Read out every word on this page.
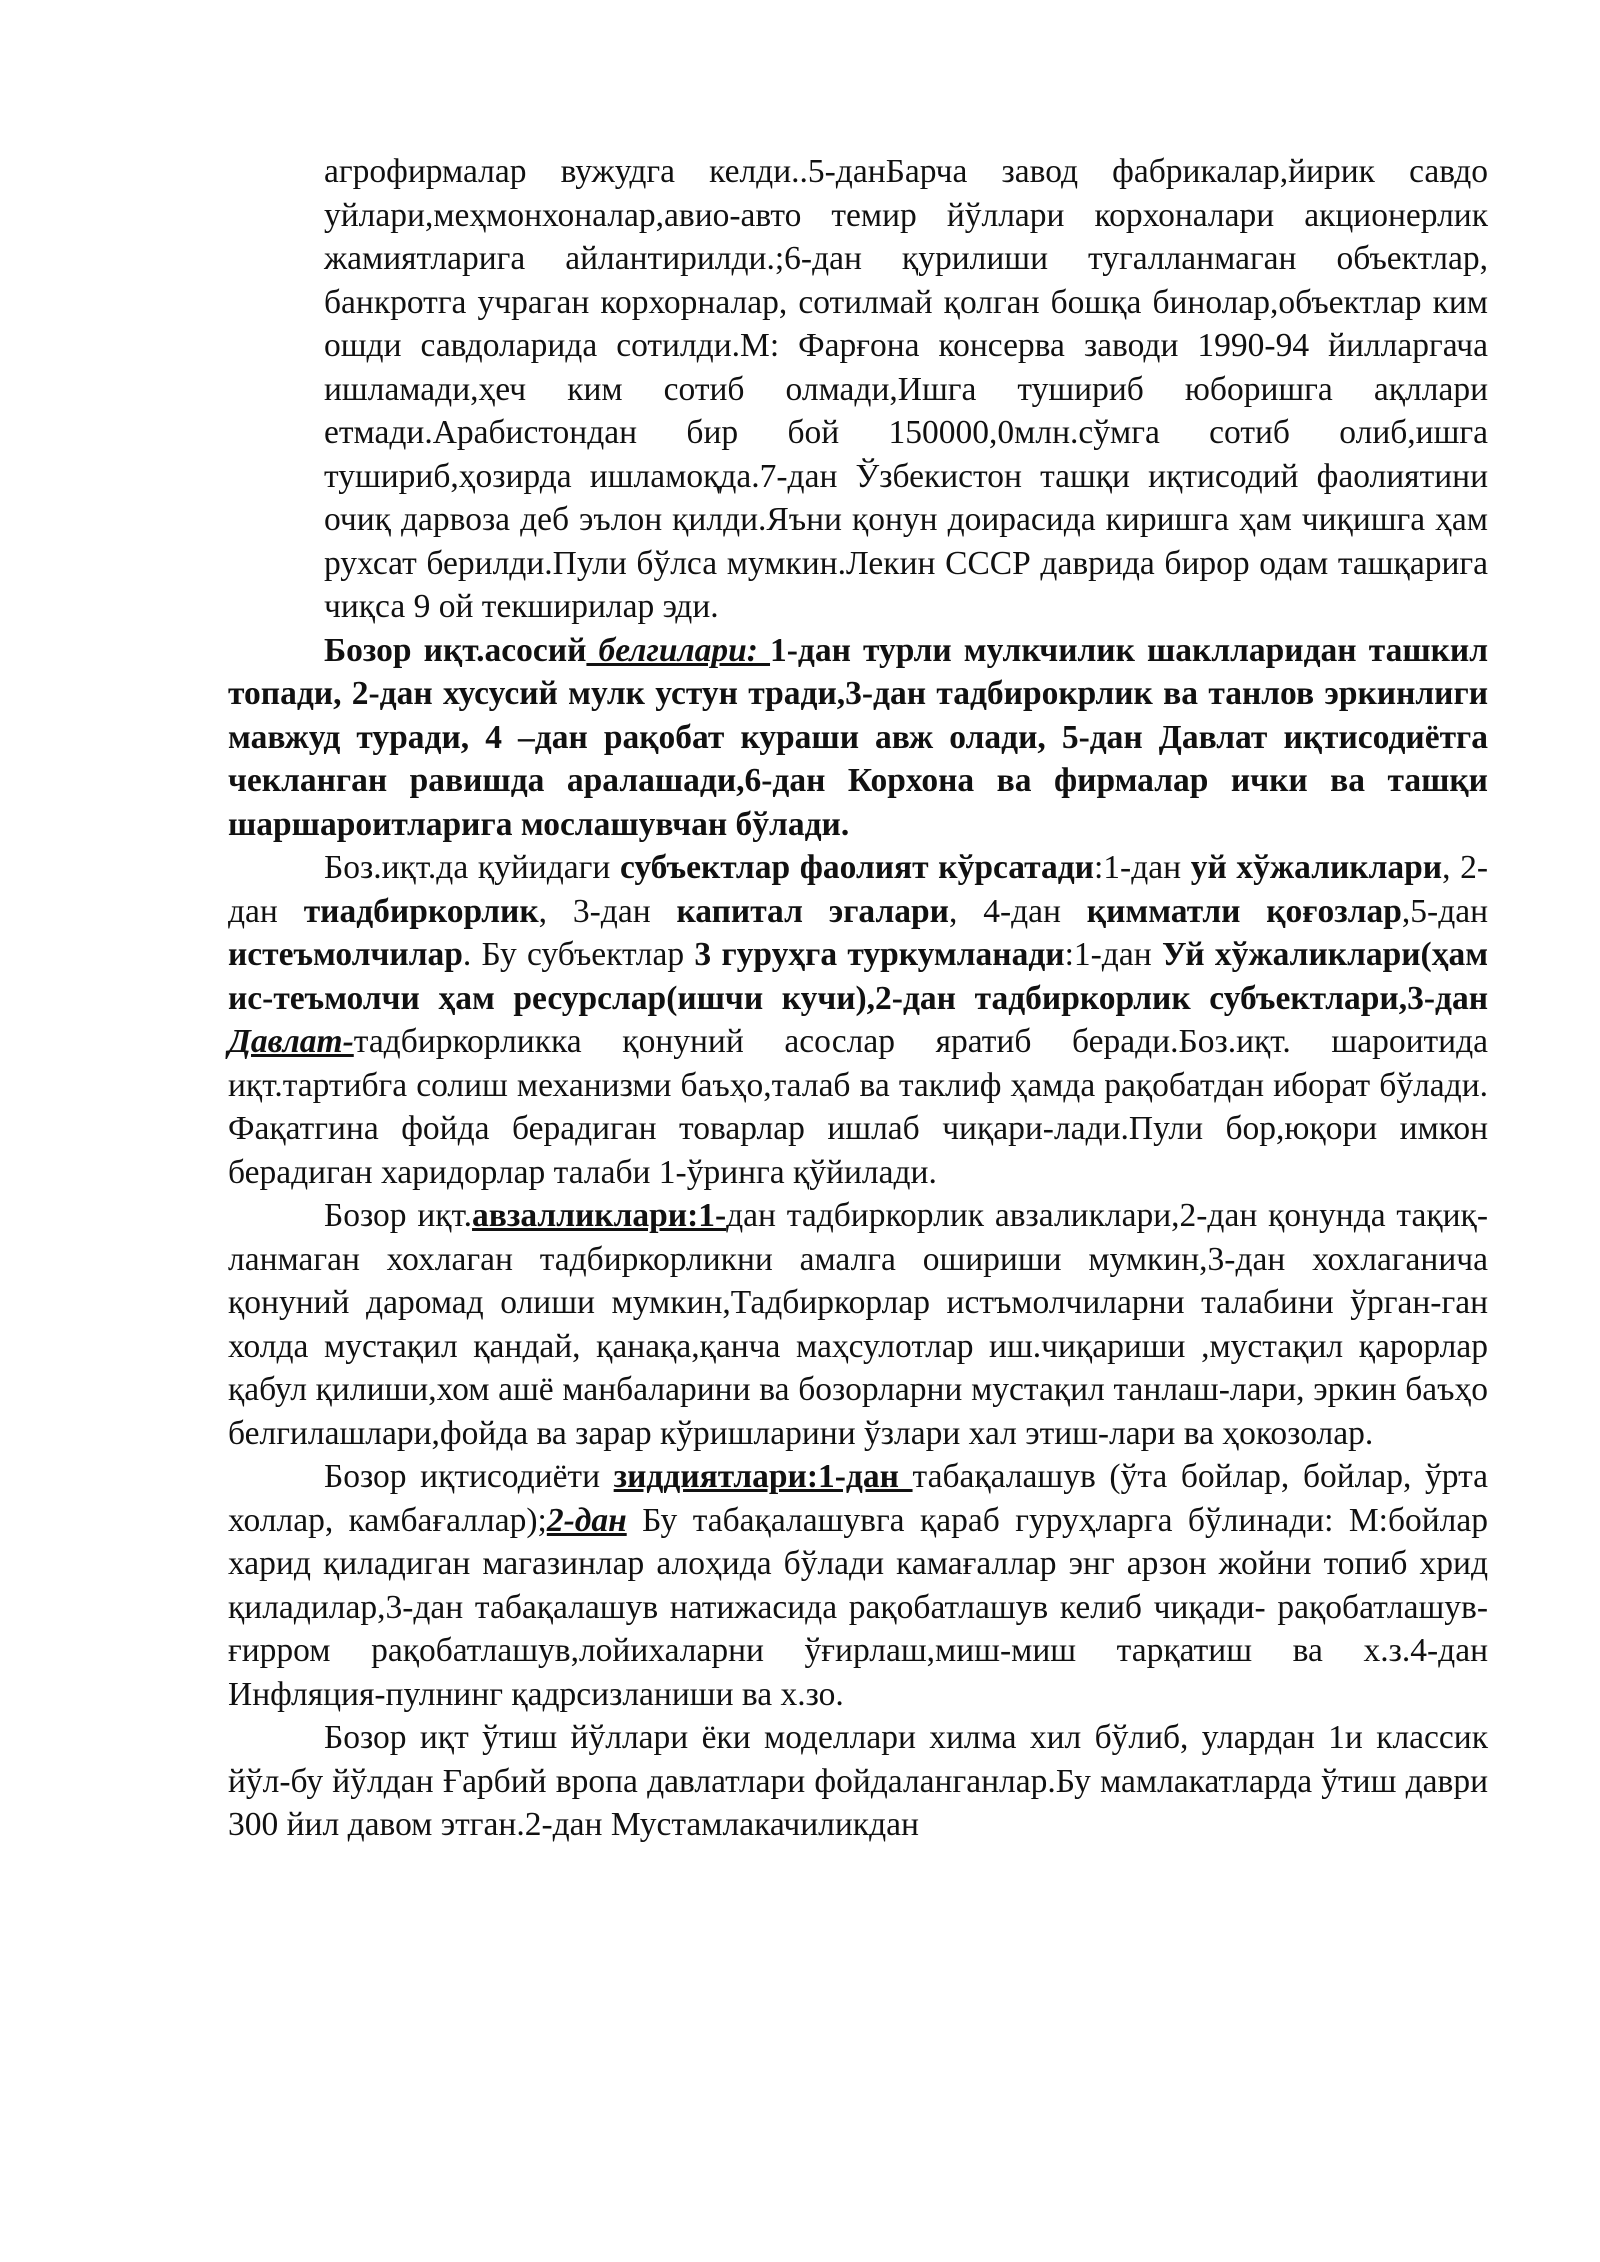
агрофирмалар вужудга келди..5-данБарча завод фабрикалар,йирик савдо уйлари,меҳмонхоналар,авио-авто темир йўллари корхоналари акционерлик жамиятларига айлантирилди.;6-дан қурилиши тугалланмаган объектлар, банкротга учраган корхорналар, сотилмай қолган бошқа бинолар,объектлар ким ошди савдоларида сотилди.М: Фарғона консерва заводи 1990-94 йилларгача ишламади,ҳеч ким сотиб олмади,Ишга тушириб юборишга ақллари етмади.Арабистондан бир бой 150000,0млн.сўмга сотиб олиб,ишга тушириб,ҳозирда ишламоқда.7-дан Ўзбекистон ташқи иқтисодий фаолиятини очиқ дарвоза деб эълон қилди.Яъни қонун доирасида киришга ҳам чиқишга ҳам рухсат берилди.Пули бўлса мумкин.Лекин СССР даврида бирор одам ташқарига чиқса 9 ой текширилар эди.

Бозор иқт.асосий белгилари: 1-дан турли мулкчилик шаклларидан ташкил топади, 2-дан хусусий мулк устун тради,3-дан тадбирокрлик ва танлов эркинлиги мавжуд туради, 4 –дан рақобат кураши авж олади, 5-дан Давлат иқтисодиётга чекланган равишда аралашади,6-дан Корхона ва фирмалар ички ва ташқи шаршароитларига мослашувчан бўлади.

Боз.иқт.да қуйидаги субъектлар фаолият кўрсатади:1-дан уй хўжаликлари, 2-дан тиадбиркорлик, 3-дан капитал эгалари, 4-дан қимматли қоғозлар,5-дан истеъмолчилар. Бу субъектлар 3 гуруҳга туркумланади:1-дан Уй хўжаликлари(ҳам ис-теъмолчи ҳам ресурслар(ишчи кучи),2-дан тадбиркорлик субъектлари,3-дан Давлат-тадбиркорликка қонуний асослар яратиб беради.Боз.иқт. шароитида иқт.тартибга солиш механизми баъҳо,талаб ва таклиф ҳамда рақобатдан иборат бўлади. Фақатгина фойда берадиган товарлар ишлаб чиқари-лади.Пули бор,юқори имкон берадиган харидорлар талаби 1-ўринга қўйилади.

Бозор иқт.авзалликлари:1-дан тадбиркорлик авзаликлари,2-дан қонунда тақиқ-ланмаган хохлаган тадбиркорликни амалга ошириши мумкин,3-дан хохлаганича қонуний даромад олиши мумкин,Тадбиркорлар истъмолчиларни талабини ўрган-ган холда мустақил қандай, қанақа,қанча маҳсулотлар иш.чиқариши ,мустақил қарорлар қабул қилиши,хом ашё манбаларини ва бозорларни мустақил танлаш-лари, эркин баъҳо белгилашлари,фойда ва зарар кўришларини ўзлари хал этиш-лари ва ҳокозолар.

Бозор иқтисодиёти зиддиятлари:1-дан табақалашув (ўта бойлар, бойлар, ўрта холлар, камбағаллар);2-дан Бу табақалашувга қараб гуруҳларга бўлинади: М:бойлар харид қиладиган магазинлар алоҳида бўлади камағаллар энг арзон жойни топиб хрид қиладилар,3-дан табақалашув натижасида рақобатлашув келиб чиқади- рақобатлашув-ғирром рақобатлашув,лойихаларни ўғирлаш,миш-миш тарқатиш ва х.з.4-дан Инфляция-пулнинг қадрсизланиши ва х.зо.

Бозор иқт ўтиш йўллари ёки моделлари хилма хил бўлиб, улардан 1и классик йўл-бу йўлдан Ғарбий вропа давлатлари фойдаланганлар.Бу мамлакатларда ўтиш даври 300 йил давом этган.2-дан Мустамлакачиликдан
